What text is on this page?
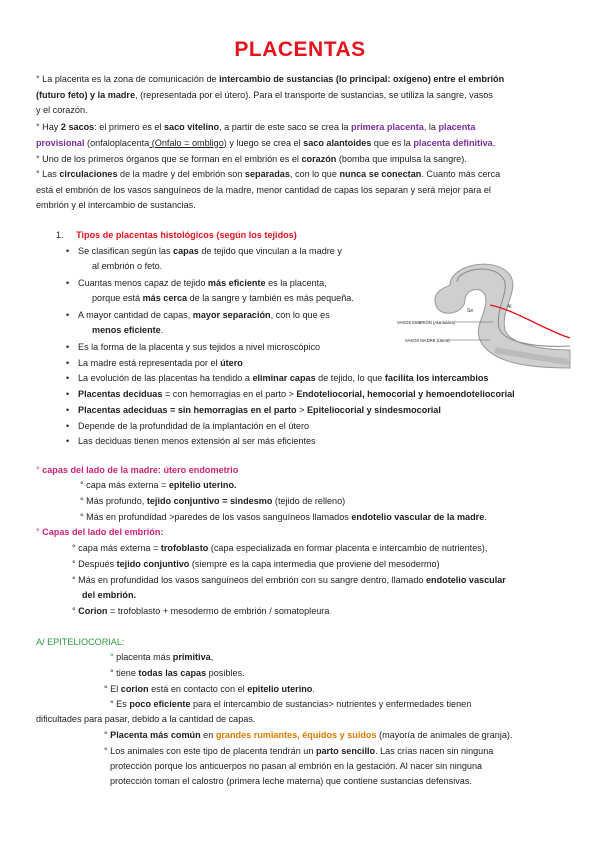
PLACENTAS
° La placenta es la zona de comunicación de intercambio de sustancias (lo principal: oxígeno) entre el embrión
(futuro feto) y la madre, (representada por el útero). Para el transporte de sustancias, se utiliza la sangre, vasos
y el corazón.
° Hay 2 sacos: el primero es el saco vitelino, a partir de este saco se crea la primera placenta, la placenta
provisional (onfaloplacenta (Onfalo = ombligo) y luego se crea el saco alantoides que es la placenta definitiva.
° Uno de los primeros órganos que se forman en el embrión es el corazón (bomba que impulsa la sangre).
° Las circulaciones de la madre y del embrión son separadas, con lo que nunca se conectan. Cuanto más cerca
está el embrión de los vasos sanguíneos de la madre, menor cantidad de capas los separan y será mejor para el
embrión y el intercambio de sustancias.
1. Tipos de placentas histológicos (según los tejidos)
• Se clasifican según las capas de tejido que vinculan a la madre y
al embrión o feto.
• Cuantas menos capaz de tejido más eficiente es la placenta,
porque está más cerca de la sangre y también es más pequeña.
• A mayor cantidad de capas, mayor separación, con lo que es
menos eficiente.
• Es la forma de la placenta y sus tejidos a nivel microscópico
• La madre está representada por el útero
• La evolución de las placentas ha tendido a eliminar capas de tejido, lo que facilita los intercambios
• Placentas deciduas = con hemorragias en el parto > Endoteliocorial, hemocorial y hemoendoteliocorial
• Placentas adeciduas = sin hemorragias en el parto > Epiteliocorial y sindesmocorial
• Depende de la profundidad de la implantación en el útero
• Las deciduas tienen menos extensión al ser más eficientes
Se
Al
VASOS EMBRIÓN (Alantoides)
VASOS MADRE (Útero)
° capas del lado de la madre: útero endometrio
° capa más externa = epitelio uterino.
° Más profundo, tejido conjuntivo = sindesmo (tejido de relleno)
° Más en profundidad >paredes de los vasos sanguíneos llamados endotelio vascular de la madre.
° Capas del lado del embrión:
° capa más externa = trofoblasto (capa especializada en formar placenta e intercambio de nutrientes),
° Después tejido conjuntivo (siempre es la capa intermedia que proviene del mesodermo)
° Más en profundidad los vasos sanguíneos del embrión con su sangre dentro, llamado endotelio vascular
del embrión.
° Corion = trofoblasto + mesodermo de embrión / somatopleura
A/ EPITELIOCORIAL:
° placenta más primitiva,
° tiene todas las capas posibles.
° El corion está en contacto con el epitelio uterino.
° Es poco eficiente para el intercambio de sustancias> nutrientes y enfermedades tienen
dificultades para pasar, debido a la cantidad de capas.
° Placenta más común en grandes rumiantes, équidos y suidos (mayoría de animales de granja).
° Los animales con este tipo de placenta tendrán un parto sencillo. Las crías nacen sin ninguna
protección porque los anticuerpos no pasan al embrión en la gestación. Al nacer sin ninguna
protección toman el calostro (primera leche materna) que contiene sustancias defensivas.
